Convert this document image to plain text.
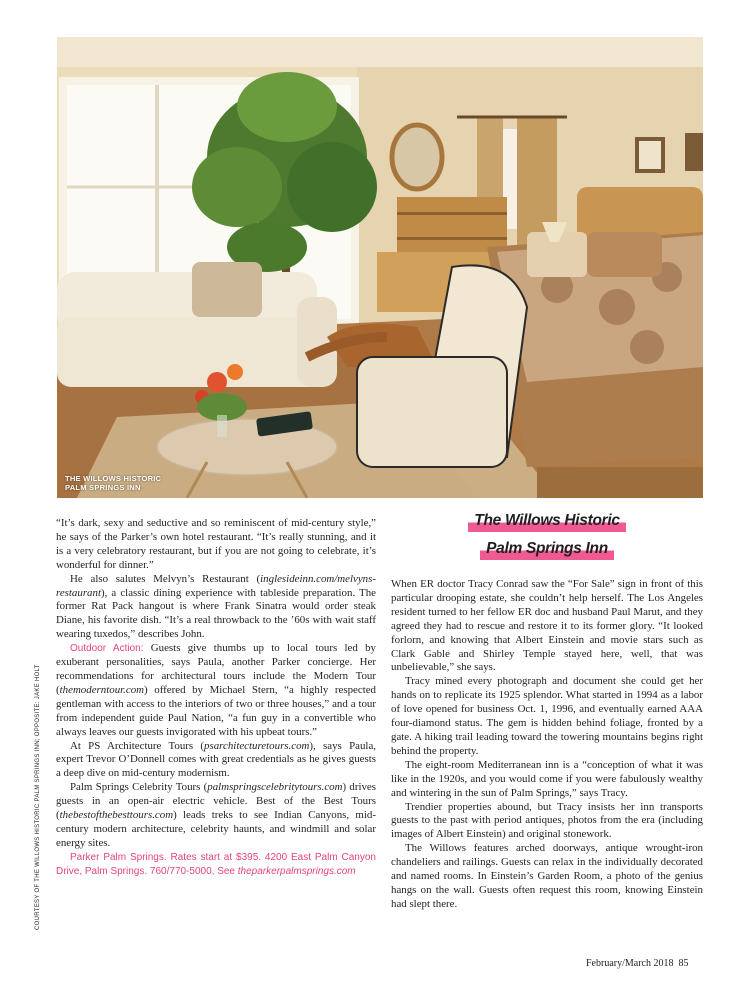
THE WILLOWS HISTORIC
PALM SPRINGS INN
COURTESY OF THE WILLOWS HISTORIC PALM SPRINGS INN; OPPOSITE: JAKE HOLT

“It’s dark, sexy and seductive and so reminiscent of mid-century style,” he says of the Parker’s own hotel restaurant. “It’s really stunning, and it is a very celebratory restaurant, but if you are not going to celebrate, it’s wonderful for dinner.”

He also salutes Melvyn’s Restaurant (inglesideinn.com/melvyns-restaurant), a classic dining experience with tableside preparation. The former Rat Pack hangout is where Frank Sinatra would order steak Diane, his favorite dish. “It’s a real throwback to the ’60s with wait staff wearing tuxedos,” describes John.

Outdoor Action: Guests give thumbs up to local tours led by exuberant personalities, says Paula, another Parker concierge. Her recommendations for architectural tours include the Modern Tour (themoderntour.com) offered by Michael Stern, “a highly respected gentleman with access to the interiors of two or three houses,” and a tour from independent guide Paul Nation, “a fun guy in a convertible who always leaves our guests invigorated with his upbeat tours.”

At PS Architecture Tours (psarchitecturetours.com), says Paula, expert Trevor O’Donnell comes with great credentials as he gives guests a deep dive on mid-century modernism.

Palm Springs Celebrity Tours (palmspringscelebritytours.com) drives guests in an open-air electric vehicle. Best of the Best Tours (thebestofthebesttours.com) leads treks to see Indian Canyons, mid-century modern architecture, celebrity haunts, and windmill and solar energy sites.

Parker Palm Springs. Rates start at $395. 4200 East Palm Canyon Drive, Palm Springs. 760/770-5000, See theparkerpalmsprings.com

The Willows Historic
Palm Springs Inn

When ER doctor Tracy Conrad saw the “For Sale” sign in front of this particular drooping estate, she couldn’t help herself. The Los Angeles resident turned to her fellow ER doc and husband Paul Marut, and they agreed they had to rescue and restore it to its former glory. “It looked forlorn, and knowing that Albert Einstein and movie stars such as Clark Gable and Shirley Temple stayed here, well, that was unbelievable,” she says.

Tracy mined every photograph and document she could get her hands on to replicate its 1925 splendor. What started in 1994 as a labor of love opened for business Oct. 1, 1996, and eventually earned AAA four-diamond status. The gem is hidden behind foliage, fronted by a gate. A hiking trail leading toward the towering mountains begins right behind the property.

The eight-room Mediterranean inn is a “conception of what it was like in the 1920s, and you would come if you were fabulously wealthy and wintering in the sun of Palm Springs,” says Tracy.

Trendier properties abound, but Tracy insists her inn transports guests to the past with period antiques, photos from the era (including images of Albert Einstein) and original stonework.

The Willows features arched doorways, antique wrought-iron chandeliers and railings. Guests can relax in the individually decorated and named rooms. In Einstein’s Garden Room, a photo of the genius hangs on the wall. Guests often request this room, knowing Einstein had slept there.

February/March 2018 85
